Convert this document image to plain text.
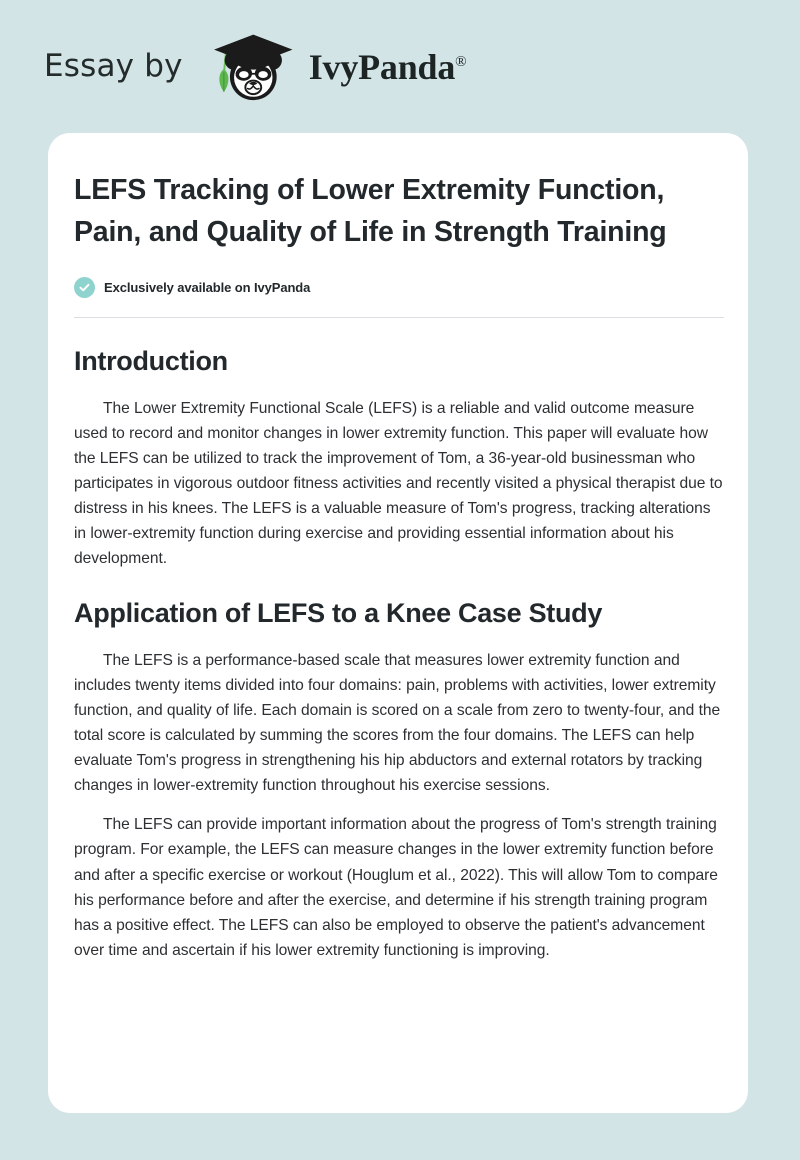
Essay by	IvyPanda®
LEFS Tracking of Lower Extremity Function, Pain, and Quality of Life in Strength Training
Exclusively available on IvyPanda
Introduction

The Lower Extremity Functional Scale (LEFS) is a reliable and valid outcome measure used to record and monitor changes in lower extremity function. This paper will evaluate how the LEFS can be utilized to track the improvement of Tom, a 36-year-old businessman who participates in vigorous outdoor fitness activities and recently visited a physical therapist due to distress in his knees. The LEFS is a valuable measure of Tom's progress, tracking alterations in lower-extremity function during exercise and providing essential information about his development.

Application of LEFS to a Knee Case Study

The LEFS is a performance-based scale that measures lower extremity function and includes twenty items divided into four domains: pain, problems with activities, lower extremity function, and quality of life. Each domain is scored on a scale from zero to twenty-four, and the total score is calculated by summing the scores from the four domains. The LEFS can help evaluate Tom's progress in strengthening his hip abductors and external rotators by tracking changes in lower-extremity function throughout his exercise sessions.

The LEFS can provide important information about the progress of Tom's strength training program. For example, the LEFS can measure changes in the lower extremity function before and after a specific exercise or workout (Houglum et al., 2022). This will allow Tom to compare his performance before and after the exercise, and determine if his strength training program has a positive effect. The LEFS can also be employed to observe the patient's advancement over time and ascertain if his lower extremity functioning is improving.
